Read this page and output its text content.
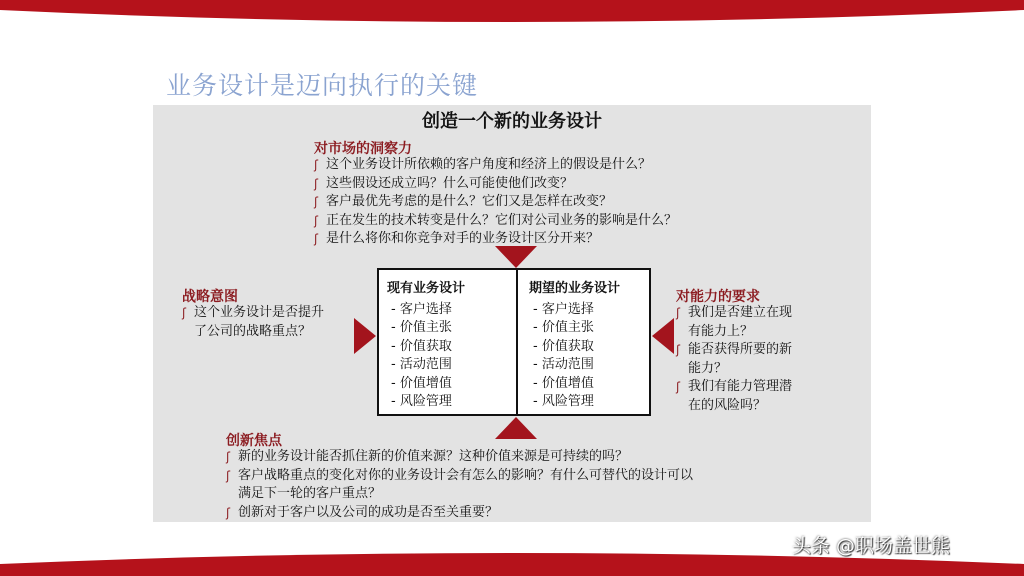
业务设计是迈向执行的关键
创造一个新的业务设计
对市场的洞察力
ʃ 这个业务设计所依赖的客户角度和经济上的假设是什么？
ʃ 这些假设还成立吗？什么可能使他们改变？
ʃ 客户最优先考虑的是什么？它们又是怎样在改变？
ʃ 正在发生的技术转变是什么？它们对公司业务的影响是什么？
ʃ 是什么将你和你竞争对手的业务设计区分开来？
战略意图
ʃ 这个业务设计是否提升
了公司的战略重点？
对能力的要求
ʃ 我们是否建立在现
有能力上？
ʃ 能否获得所要的新
能力？
ʃ 我们有能力管理潜
在的风险吗？
创新焦点
ʃ 新的业务设计能否抓住新的价值来源？这种价值来源是可持续的吗？
ʃ 客户战略重点的变化对你的业务设计会有怎么的影响？有什么可替代的设计可以
满足下一轮的客户重点？
ʃ 创新对于客户以及公司的成功是否至关重要？
现有业务设计
- 客户选择
- 价值主张
- 价值获取
- 活动范围
- 价值增值
- 风险管理
期望的业务设计
- 客户选择
- 价值主张
- 价值获取
- 活动范围
- 价值增值
- 风险管理
头条 @职场盖世熊
